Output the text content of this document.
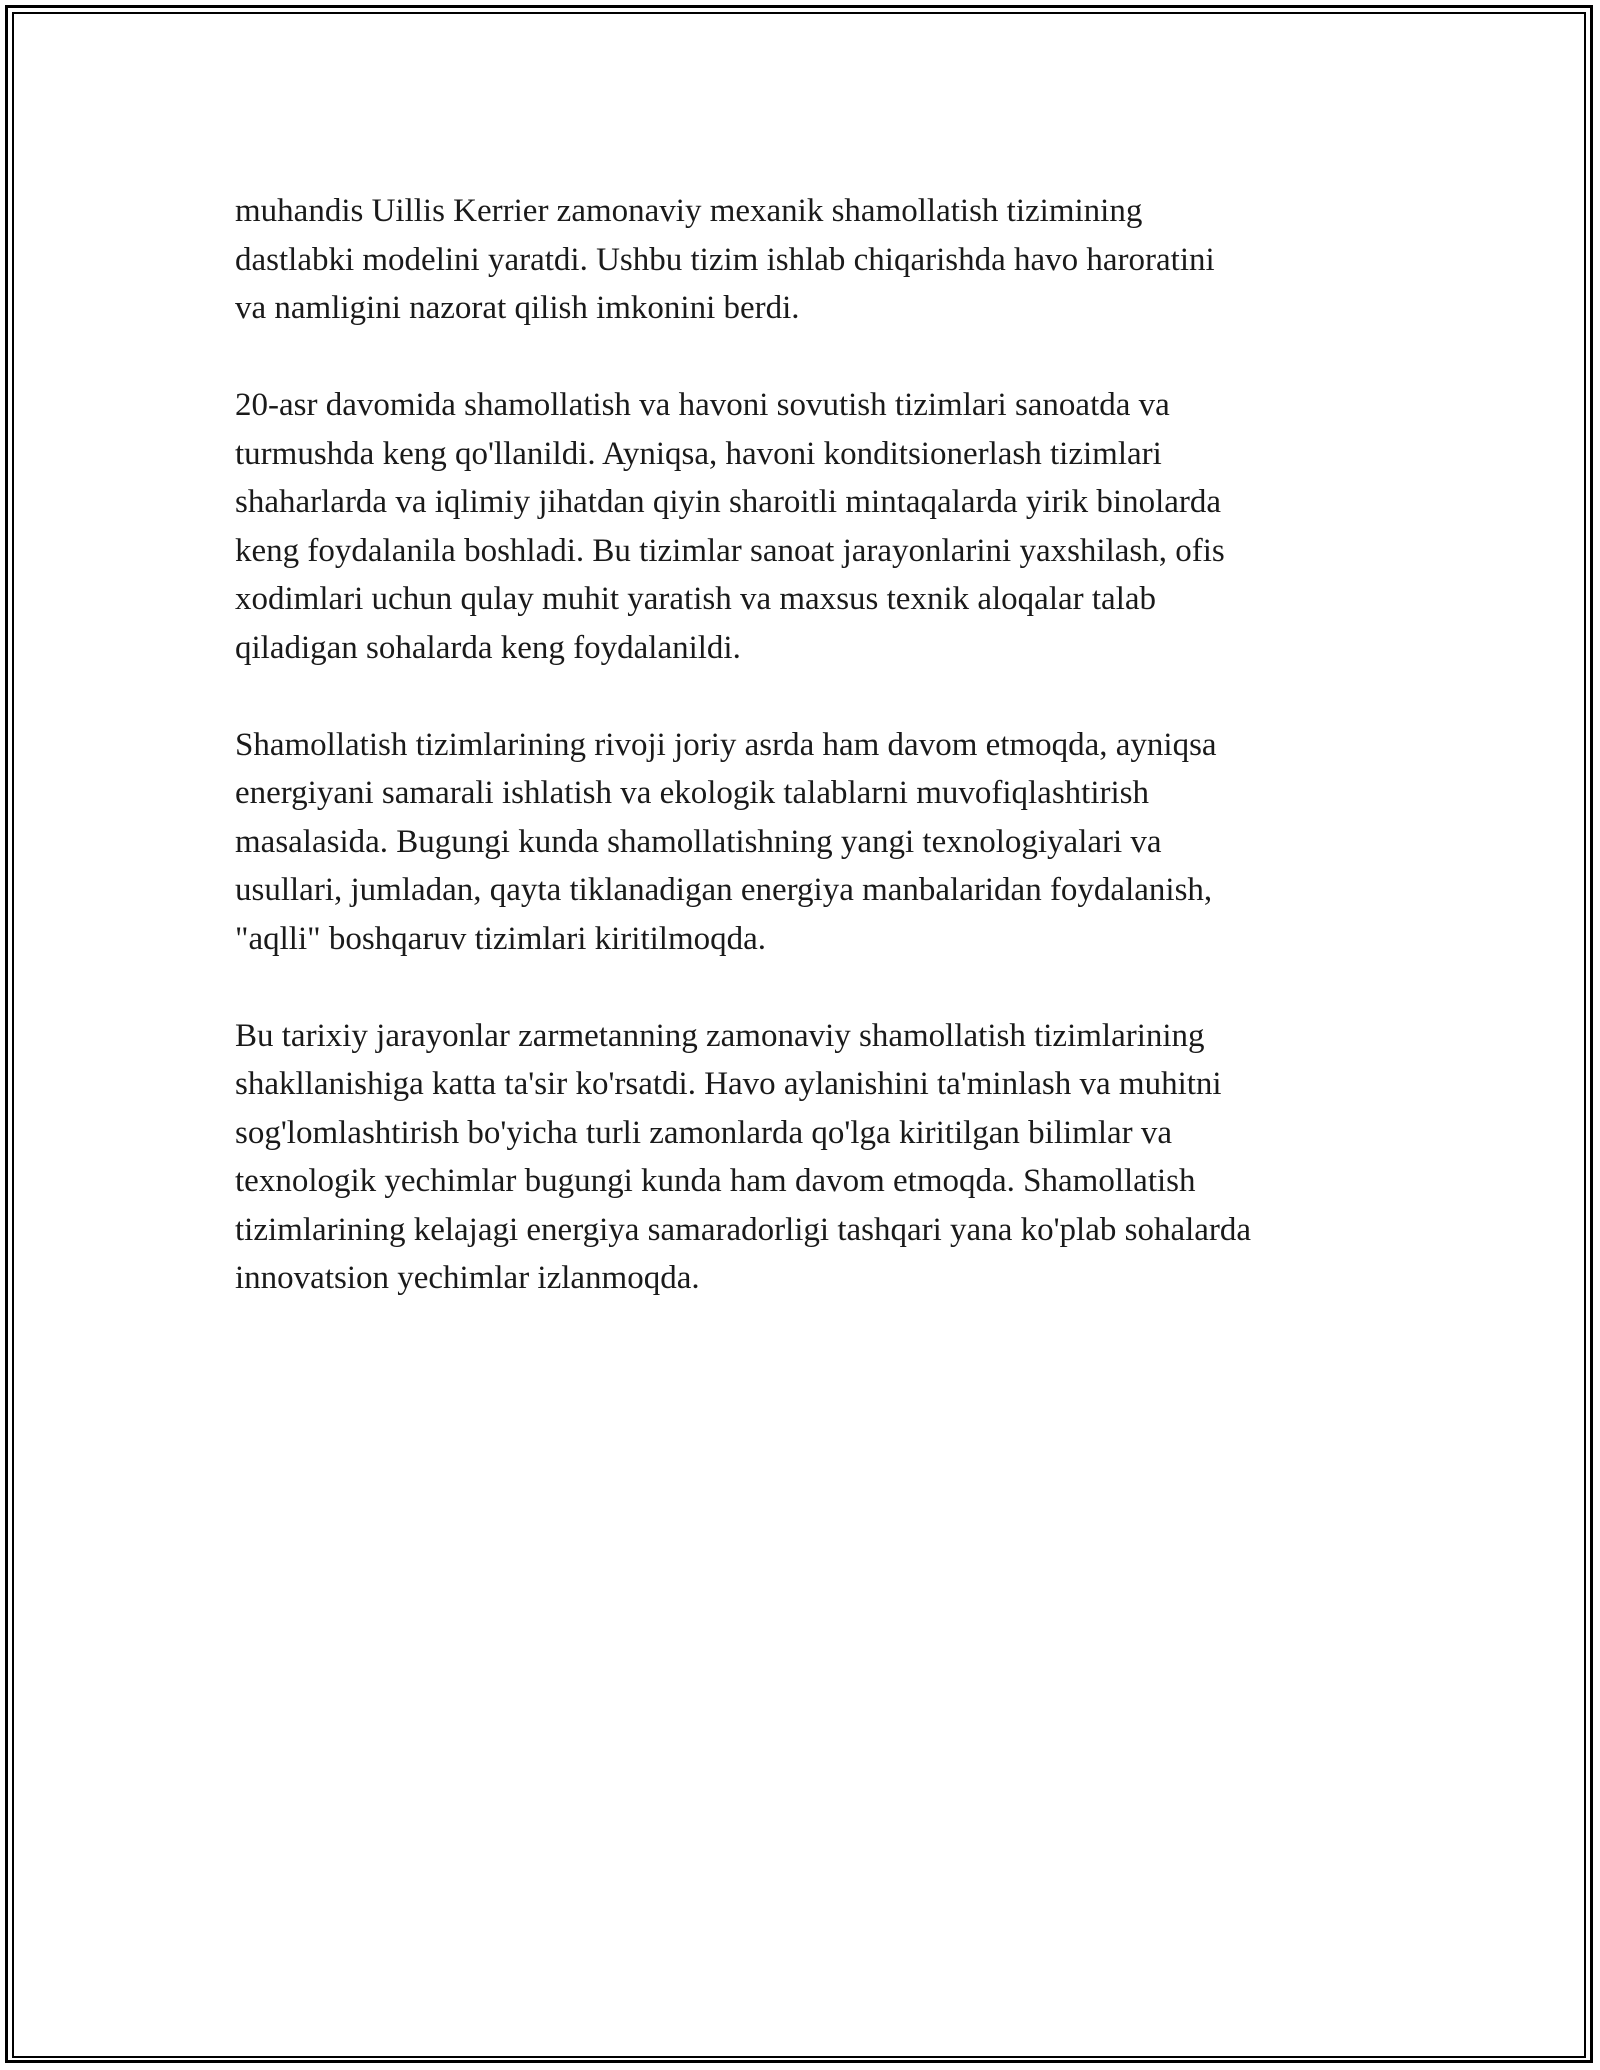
muhandis Uillis Kerrier zamonaviy mexanik shamollatish tizimining
dastlabki modelini yaratdi. Ushbu tizim ishlab chiqarishda havo haroratini
va namligini nazorat qilish imkonini berdi.

20-asr davomida shamollatish va havoni sovutish tizimlari sanoatda va
turmushda keng qo'llanildi. Ayniqsa, havoni konditsionerlash tizimlari
shaharlarda va iqlimiy jihatdan qiyin sharoitli mintaqalarda yirik binolarda
keng foydalanila boshladi. Bu tizimlar sanoat jarayonlarini yaxshilash, ofis
xodimlari uchun qulay muhit yaratish va maxsus texnik aloqalar talab
qiladigan sohalarda keng foydalanildi.

Shamollatish tizimlarining rivoji joriy asrda ham davom etmoqda, ayniqsa
energiyani samarali ishlatish va ekologik talablarni muvofiqlashtirish
masalasida. Bugungi kunda shamollatishning yangi texnologiyalari va
usullari, jumladan, qayta tiklanadigan energiya manbalaridan foydalanish,
"aqlli" boshqaruv tizimlari kiritilmoqda.

Bu tarixiy jarayonlar zarmetanning zamonaviy shamollatish tizimlarining
shakllanishiga katta ta'sir ko'rsatdi. Havo aylanishini ta'minlash va muhitni
sog'lomlashtirish bo'yicha turli zamonlarda qo'lga kiritilgan bilimlar va
texnologik yechimlar bugungi kunda ham davom etmoqda. Shamollatish
tizimlarining kelajagi energiya samaradorligi tashqari yana ko'plab sohalarda
innovatsion yechimlar izlanmoqda.
